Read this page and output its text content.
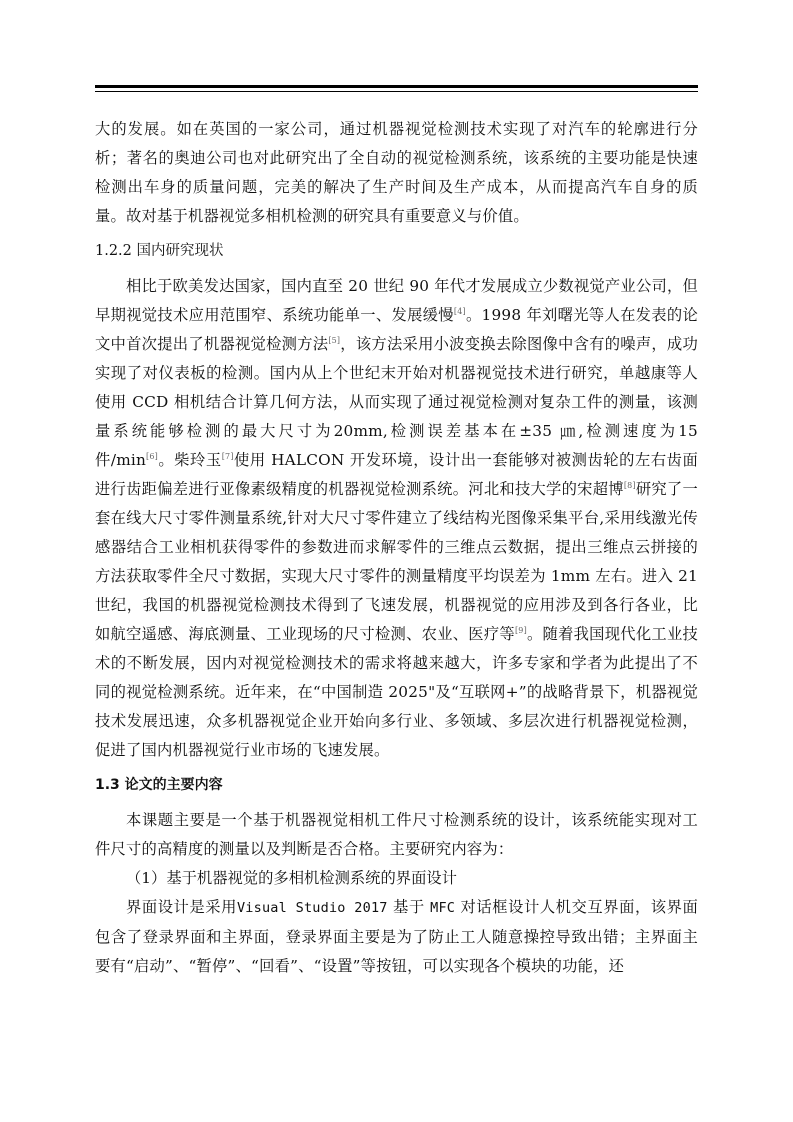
大的发展。如在英国的一家公司，通过机器视觉检测技术实现了对汽车的轮廓进行分析；著名的奥迪公司也对此研究出了全自动的视觉检测系统，该系统的主要功能是快速检测出车身的质量问题，完美的解决了生产时间及生产成本，从而提高汽车自身的质量。故对基于机器视觉多相机检测的研究具有重要意义与价值。

1.2.2 国内研究现状

相比于欧美发达国家，国内直至 20 世纪 90 年代才发展成立少数视觉产业公司，但早期视觉技术应用范围窄、系统功能单一、发展缓慢[4]。1998 年刘曙光等人在发表的论文中首次提出了机器视觉检测方法[5]，该方法采用小波变换去除图像中含有的噪声，成功实现了对仪表板的检测。国内从上个世纪末开始对机器视觉技术进行研究，单越康等人使用 CCD 相机结合计算几何方法，从而实现了通过视觉检测对复杂工件的测量，该测量系统能够检测的最大尺寸为20mm,检测误差基本在±35 ㎛,检测速度为15 件/min[6]。柴玲玉[7]使用 HALCON 开发环境，设计出一套能够对被测齿轮的左右齿面进行齿距偏差进行亚像素级精度的机器视觉检测系统。河北和技大学的宋超博[8]研究了一套在线大尺寸零件测量系统,针对大尺寸零件建立了线结构光图像采集平台,采用线激光传感器结合工业相机获得零件的参数进而求解零件的三维点云数据，提出三维点云拼接的方法获取零件全尺寸数据，实现大尺寸零件的测量精度平均误差为 1mm 左右。进入 21 世纪，我国的机器视觉检测技术得到了飞速发展，机器视觉的应用涉及到各行各业，比如航空遥感、海底测量、工业现场的尺寸检测、农业、医疗等[9]。随着我国现代化工业技术的不断发展，因内对视觉检测技术的需求将越来越大，许多专家和学者为此提出了不同的视觉检测系统。近年来，在“中国制造 2025"及“互联网+”的战略背景下，机器视觉技术发展迅速，众多机器视觉企业开始向多行业、多领域、多层次进行机器视觉检测，促进了国内机器视觉行业市场的飞速发展。

1.3 论文的主要内容

本课题主要是一个基于机器视觉相机工件尺寸检测系统的设计，该系统能实现对工件尺寸的高精度的测量以及判断是否合格。主要研究内容为：

（1）基于机器视觉的多相机检测系统的界面设计

界面设计是采用Visual Studio 2017 基于 MFC 对话框设计人机交互界面，该界面包含了登录界面和主界面，登录界面主要是为了防止工人随意操控导致出错；主界面主要有“启动”、“暂停”、“回看”、“设置”等按钮，可以实现各个模块的功能，还
